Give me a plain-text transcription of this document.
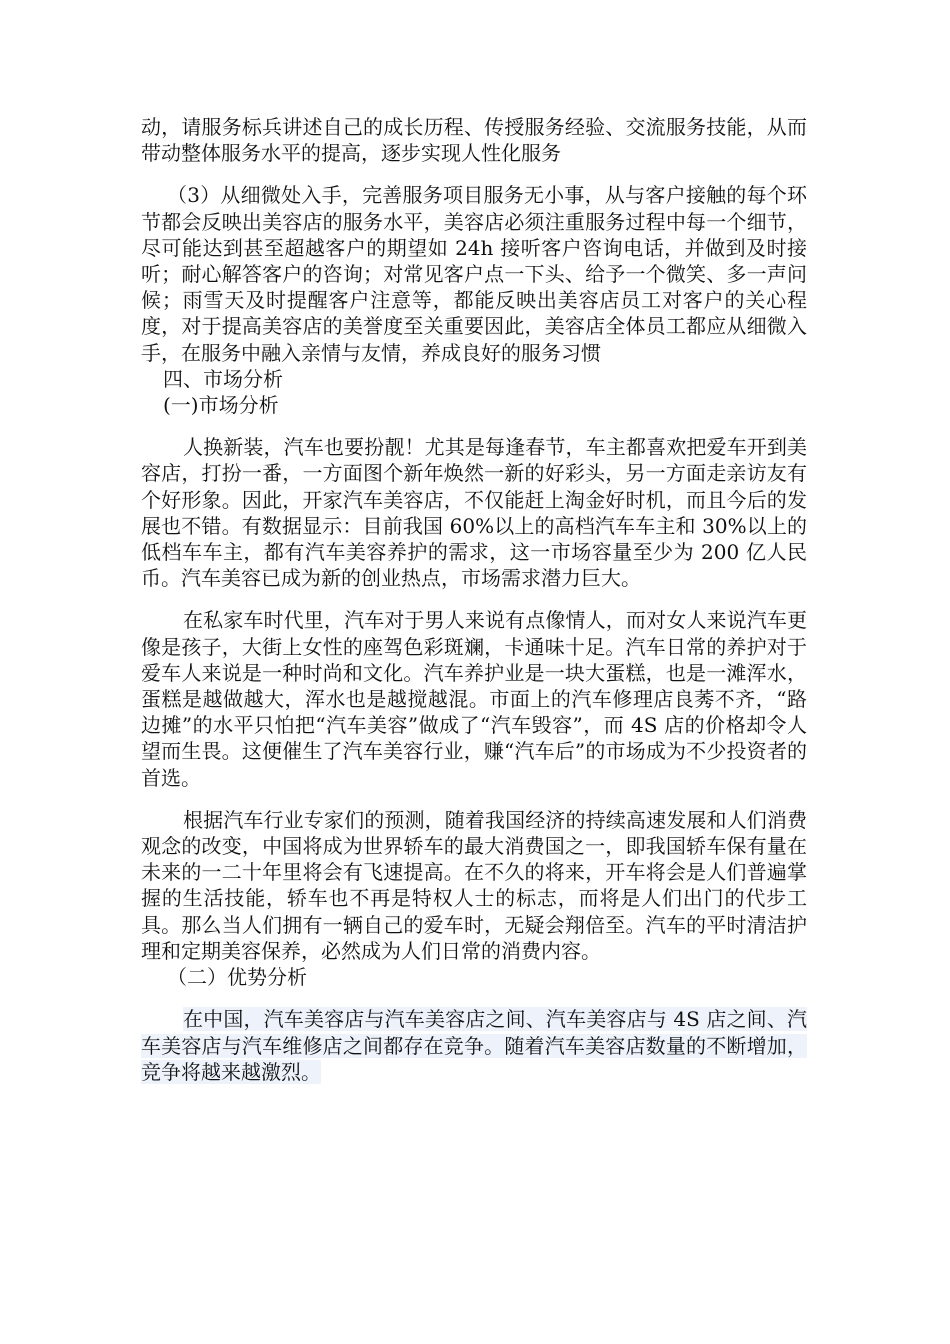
动，请服务标兵讲述自己的成长历程、传授服务经验、交流服务技能，从而带动整体服务水平的提高，逐步实现人性化服务

（3）从细微处入手，完善服务项目服务无小事，从与客户接触的每个环节都会反映出美容店的服务水平，美容店必须注重服务过程中每一个细节，尽可能达到甚至超越客户的期望如 24h 接听客户咨询电话，并做到及时接听；耐心解答客户的咨询；对常见客户点一下头、给予一个微笑、多一声问候；雨雪天及时提醒客户注意等，都能反映出美容店员工对客户的关心程度，对于提高美容店的美誉度至关重要因此，美容店全体员工都应从细微入手，在服务中融入亲情与友情，养成良好的服务习惯

四、市场分析

(一)市场分析

人换新装，汽车也要扮靓！尤其是每逢春节，车主都喜欢把爱车开到美容店，打扮一番，一方面图个新年焕然一新的好彩头，另一方面走亲访友有个好形象。因此，开家汽车美容店，不仅能赶上淘金好时机，而且今后的发展也不错。有数据显示：目前我国 60%以上的高档汽车车主和 30%以上的低档车车主，都有汽车美容养护的需求，这一市场容量至少为 200 亿人民币。汽车美容已成为新的创业热点，市场需求潜力巨大。

在私家车时代里，汽车对于男人来说有点像情人，而对女人来说汽车更像是孩子，大街上女性的座驾色彩斑斓，卡通味十足。汽车日常的养护对于爱车人来说是一种时尚和文化。汽车养护业是一块大蛋糕，也是一滩浑水，蛋糕是越做越大，浑水也是越搅越混。市面上的汽车修理店良莠不齐，“路边摊”的水平只怕把“汽车美容”做成了“汽车毁容”，而 4S 店的价格却令人望而生畏。这便催生了汽车美容行业，赚“汽车后”的市场成为不少投资者的首选。

根据汽车行业专家们的预测，随着我国经济的持续高速发展和人们消费观念的改变，中国将成为世界轿车的最大消费国之一，即我国轿车保有量在未来的一二十年里将会有飞速提高。在不久的将来，开车将会是人们普遍掌握的生活技能，轿车也不再是特权人士的标志，而将是人们出门的代步工具。那么当人们拥有一辆自己的爱车时，无疑会翔倍至。汽车的平时清洁护理和定期美容保养，必然成为人们日常的消费内容。

（二）优势分析

在中国，汽车美容店与汽车美容店之间、汽车美容店与 4S 店之间、汽车美容店与汽车维修店之间都存在竞争。随着汽车美容店数量的不断增加，竞争将越来越激烈。
